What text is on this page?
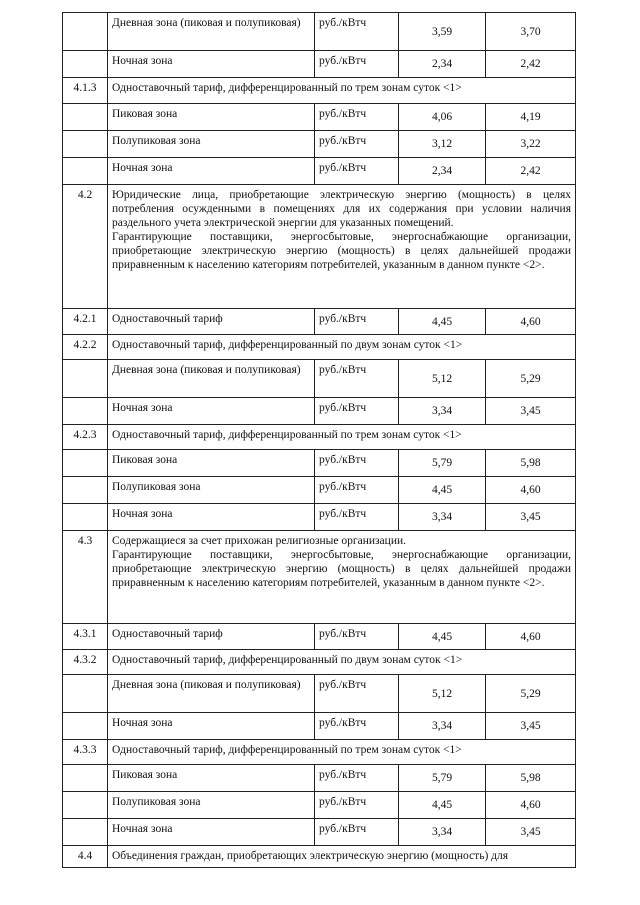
	Дневная зона (пиковая и полупиковая)	руб./кВтч	3,59	3,70
	Ночная зона	руб./кВтч	2,34	2,42
4.1.3	Одноставочный тариф, дифференцированный по трем зонам суток <1>			

	Пиковая зона	руб./кВтч	4,06	4,19
	Полупиковая зона	руб./кВтч	3,12	3,22
	Ночная зона	руб./кВтч	2,34	2,42
4.2	Юридические лица, приобретающие электрическую энергию (мощность) в целях потребления осужденными в помещениях для их содержания при условии наличия раздельного учета электрической энергии для указанных помещений.
Гарантирующие поставщики, энергосбытовые, энергоснабжающие организации, приобретающие электрическую энергию (мощность) в целях дальнейшей продажи приравненным к населению категориям потребителей, указанным в данном пункте <2>.			

4.2.1	Одноставочный тариф	руб./кВтч	4,45	4,60
4.2.2	Одноставочный тариф, дифференцированный по двум зонам суток <1>			

	Дневная зона (пиковая и полупиковая)	руб./кВтч	5,12	5,29
	Ночная зона	руб./кВтч	3,34	3,45
4.2.3	Одноставочный тариф, дифференцированный по трем зонам суток <1>			

	Пиковая зона	руб./кВтч	5,79	5,98
	Полупиковая зона	руб./кВтч	4,45	4,60
	Ночная зона	руб./кВтч	3,34	3,45
4.3	Содержащиеся за счет прихожан религиозные организации.
Гарантирующие поставщики, энергосбытовые, энергоснабжающие организации, приобретающие электрическую энергию (мощность) в целях дальнейшей продажи приравненным к населению категориям потребителей, указанным в данном пункте <2>.			

4.3.1	Одноставочный тариф	руб./кВтч	4,45	4,60
4.3.2	Одноставочный тариф, дифференцированный по двум зонам суток <1>			

	Дневная зона (пиковая и полупиковая)	руб./кВтч	5,12	5,29
	Ночная зона	руб./кВтч	3,34	3,45
4.3.3	Одноставочный тариф, дифференцированный по трем зонам суток <1>			

	Пиковая зона	руб./кВтч	5,79	5,98
	Полупиковая зона	руб./кВтч	4,45	4,60
	Ночная зона	руб./кВтч	3,34	3,45
4.4	Объединения граждан, приобретающих электрическую энергию (мощность) для			
